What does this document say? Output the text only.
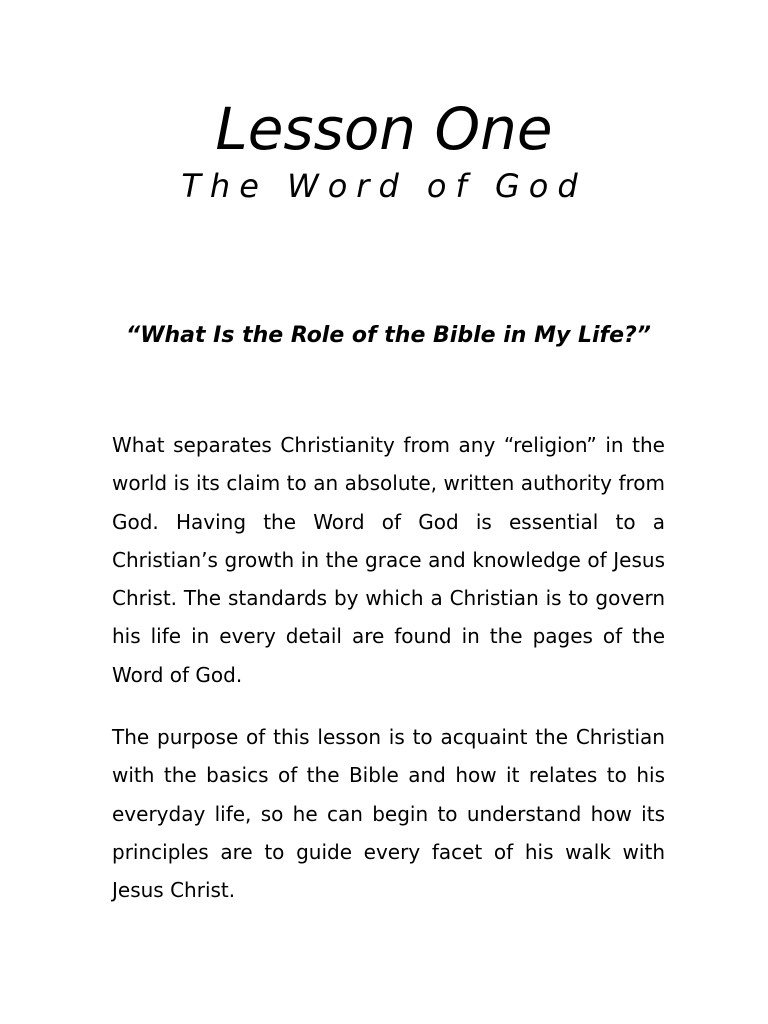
Lesson One
The Word of God
“What Is the Role of the Bible in My Life?”

What separates Christianity from any “religion” in the world is its claim to an absolute, written authority from God. Having the Word of God is essential to a Christian’s growth in the grace and knowledge of Jesus Christ. The standards by which a Christian is to govern his life in every detail are found in the pages of the Word of God.

The purpose of this lesson is to acquaint the Christian with the basics of the Bible and how it relates to his everyday life, so he can begin to understand how its principles are to guide every facet of his walk with Jesus Christ.
